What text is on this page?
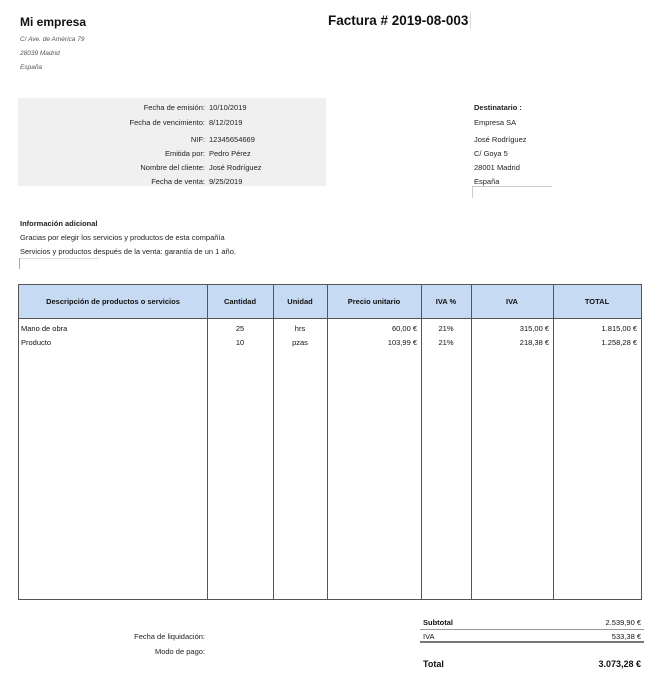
Mi empresa
C/ Ave. de América 79
28039 Madrid
España
Factura # 2019-08-003
Fecha de emisión: 10/10/2019
Fecha de vencimiento: 8/12/2019
NIF: 12345654669
Emitida por: Pedro Pérez
Nombre del cliente: José Rodríguez
Fecha de venta: 9/25/2019
Destinatario :
Empresa SA
José Rodríguez
C/ Goya 5
28001 Madrid
España
Información adicional
Gracias por elegir los servicios y productos de esta compañía
Servicios y productos después de la venta: garantía de un 1 año.
Descripción de productos o servicios	Cantidad	Unidad	Precio unitario	IVA %	IVA	TOTAL
Mano de obra	25	hrs	60,00 €	21%	315,00 €	1.815,00 €
Producto	10	pzas	103,99 €	21%	218,38 €	1.258,28 €
Fecha de liquidación:
Modo de pago:
Subtotal	2.539,90 €
IVA	533,38 €
Total	3.073,28 €
